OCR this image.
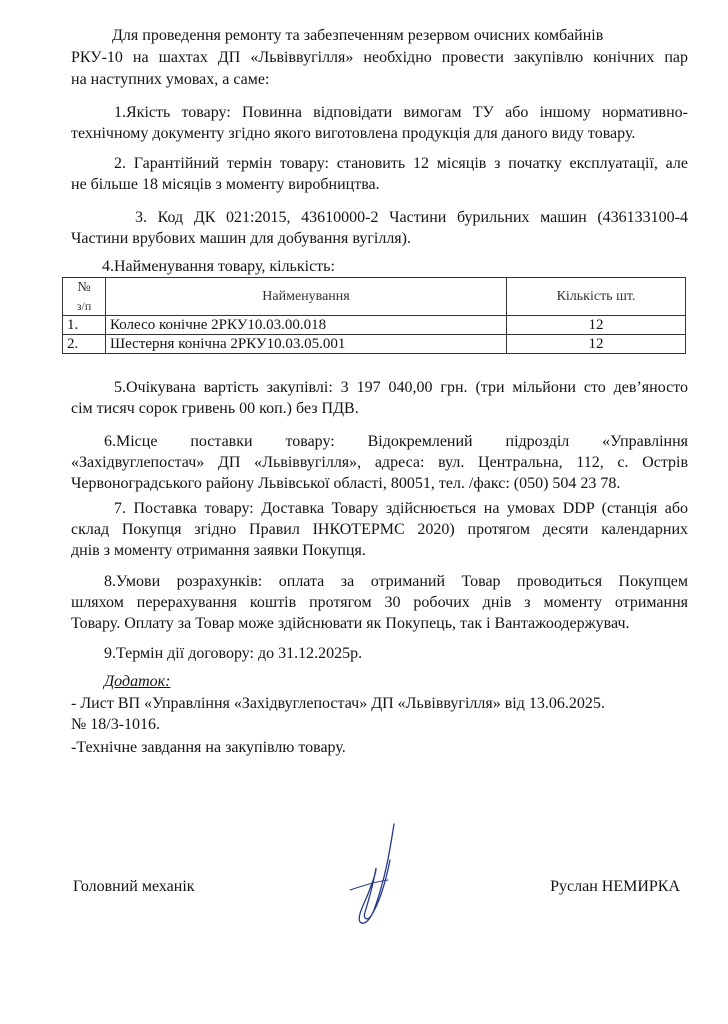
Для проведення ремонту та забезпеченням резервом очисних комбайнів

РКУ-10 на шахтах ДП «Львіввугілля» необхідно провести закупівлю конічних пар

на наступних умовах, а саме:

1.Якість товару: Повинна відповідати вимогам ТУ або іншому нормативно-

технічному документу згідно якого виготовлена продукція для даного виду товару.

2. Гарантійний термін товару: становить 12 місяців з початку експлуатації, але

не більше 18 місяців з моменту виробництва.

3. Код ДК 021:2015, 43610000-2 Частини бурильних машин (436133100-4

Частини врубових машин для добування вугілля).

4.Найменування товару, кількість:

№
з/п	Найменування	Кількість шт.
1.	Колесо конічне 2РКУ10.03.00.018	12
2.	Шестерня конічна 2РКУ10.03.05.001	12

5.Очікувана вартість закупівлі: 3 197 040,00 грн. (три мільйони сто дев’яносто

сім тисяч сорок гривень 00 коп.) без ПДВ.

6.Місце поставки товару: Відокремлений підрозділ «Управління

«Західвуглепостач» ДП «Львіввугілля», адреса: вул. Центральна, 112, с. Острів

Червоноградського району Львівської області, 80051, тел. /факс: (050) 504 23 78.

7. Поставка товару: Доставка Товару здійснюється на умовах DDP (станція або

склад Покупця згідно Правил ІНКОТЕРМС 2020) протягом десяти календарних

днів з моменту отримання заявки Покупця.

8.Умови розрахунків: оплата за отриманий Товар проводиться Покупцем

шляхом перерахування коштів протягом 30 робочих днів з моменту отримання

Товару. Оплату за Товар може здійснювати як Покупець, так і Вантажоодержувач.

9.Термін дії договору: до 31.12.2025р.

Додаток:

- Лист ВП «Управління «Західвуглепостач» ДП «Львіввугілля» від 13.06.2025.

№ 18/3-1016.

-Технічне завдання на закупівлю товару.

Головний механік	Руслан НЕМИРКА
